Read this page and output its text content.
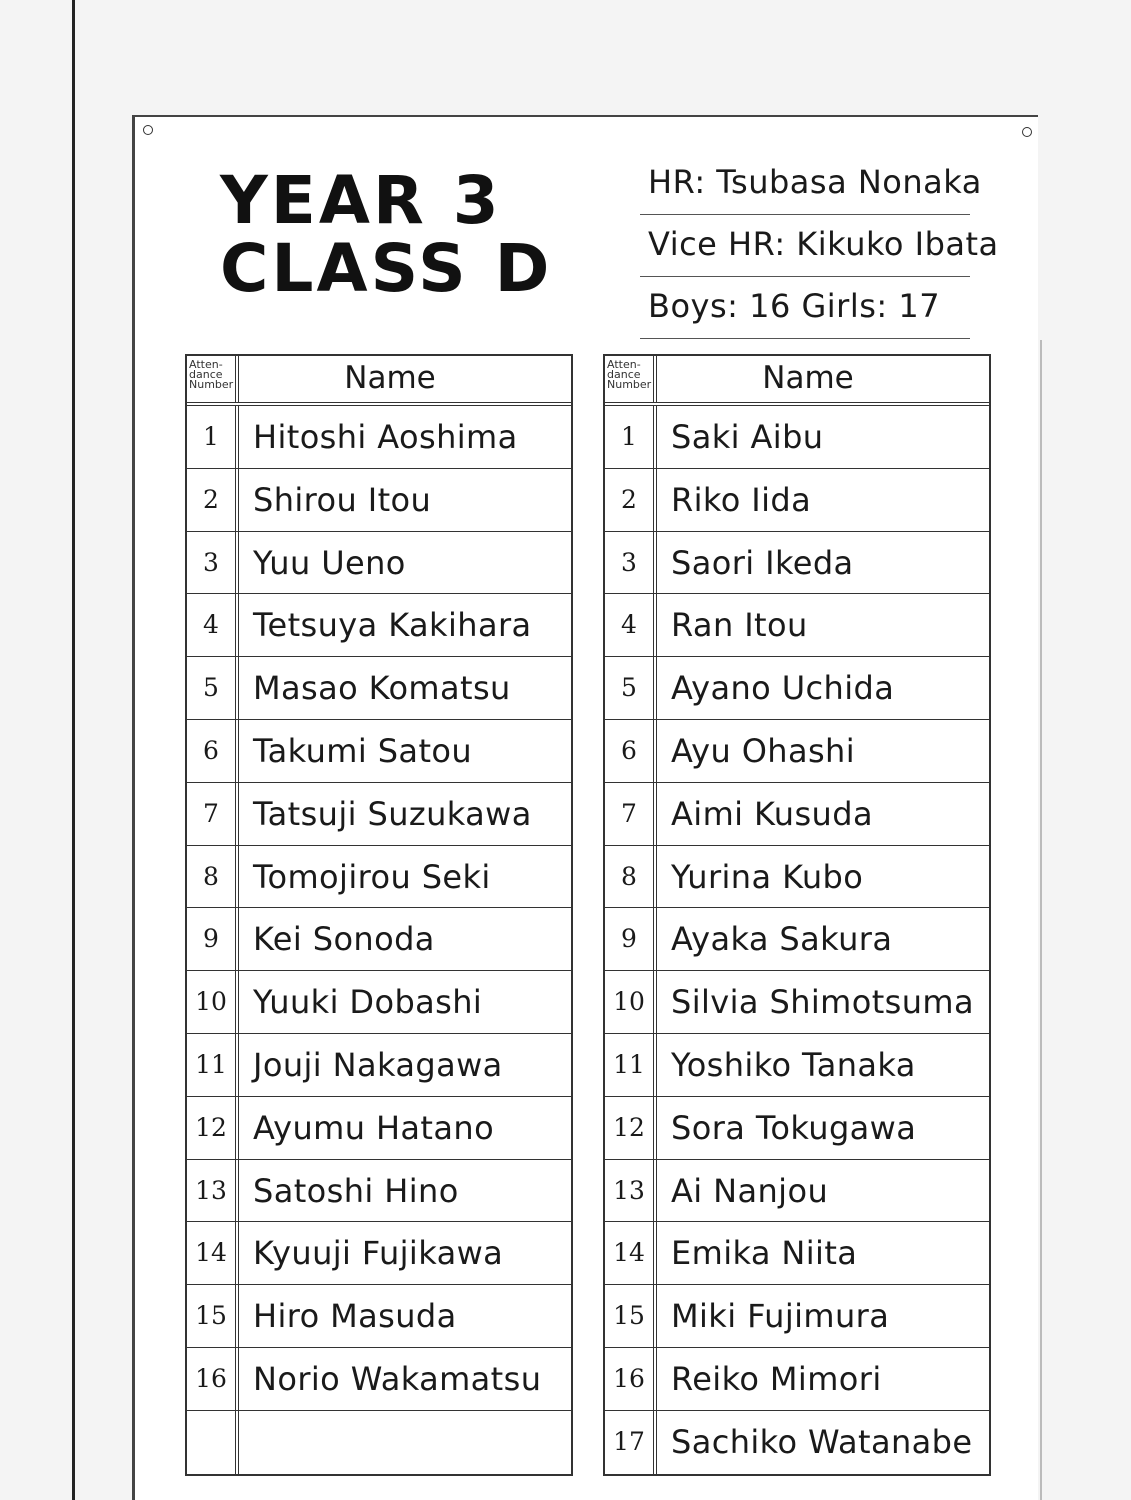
YEAR 3
CLASS D
HR: Tsubasa Nonaka
Vice HR: Kikuko Ibata
Boys: 16 Girls: 17
Atten-
dance
Number	Name
1	Hitoshi Aoshima
2	Shirou Itou
3	Yuu Ueno
4	Tetsuya Kakihara
5	Masao Komatsu
6	Takumi Satou
7	Tatsuji Suzukawa
8	Tomojirou Seki
9	Kei Sonoda
10 Yuuki Dobashi
11 Jouji Nakagawa
12 Ayumu Hatano
13 Satoshi Hino
14 Kyuuji Fujikawa
15 Hiro Masuda
16 Norio Wakamatsu
Atten-
dance
Number	Name
1	Saki Aibu
2	Riko Iida
3	Saori Ikeda
4	Ran Itou
5	Ayano Uchida
6	Ayu Ohashi
7	Aimi Kusuda
8	Yurina Kubo
9	Ayaka Sakura
10 Silvia Shimotsuma
11 Yoshiko Tanaka
12 Sora Tokugawa
13 Ai Nanjou
14 Emika Niita
15 Miki Fujimura
16 Reiko Mimori
17 Sachiko Watanabe
